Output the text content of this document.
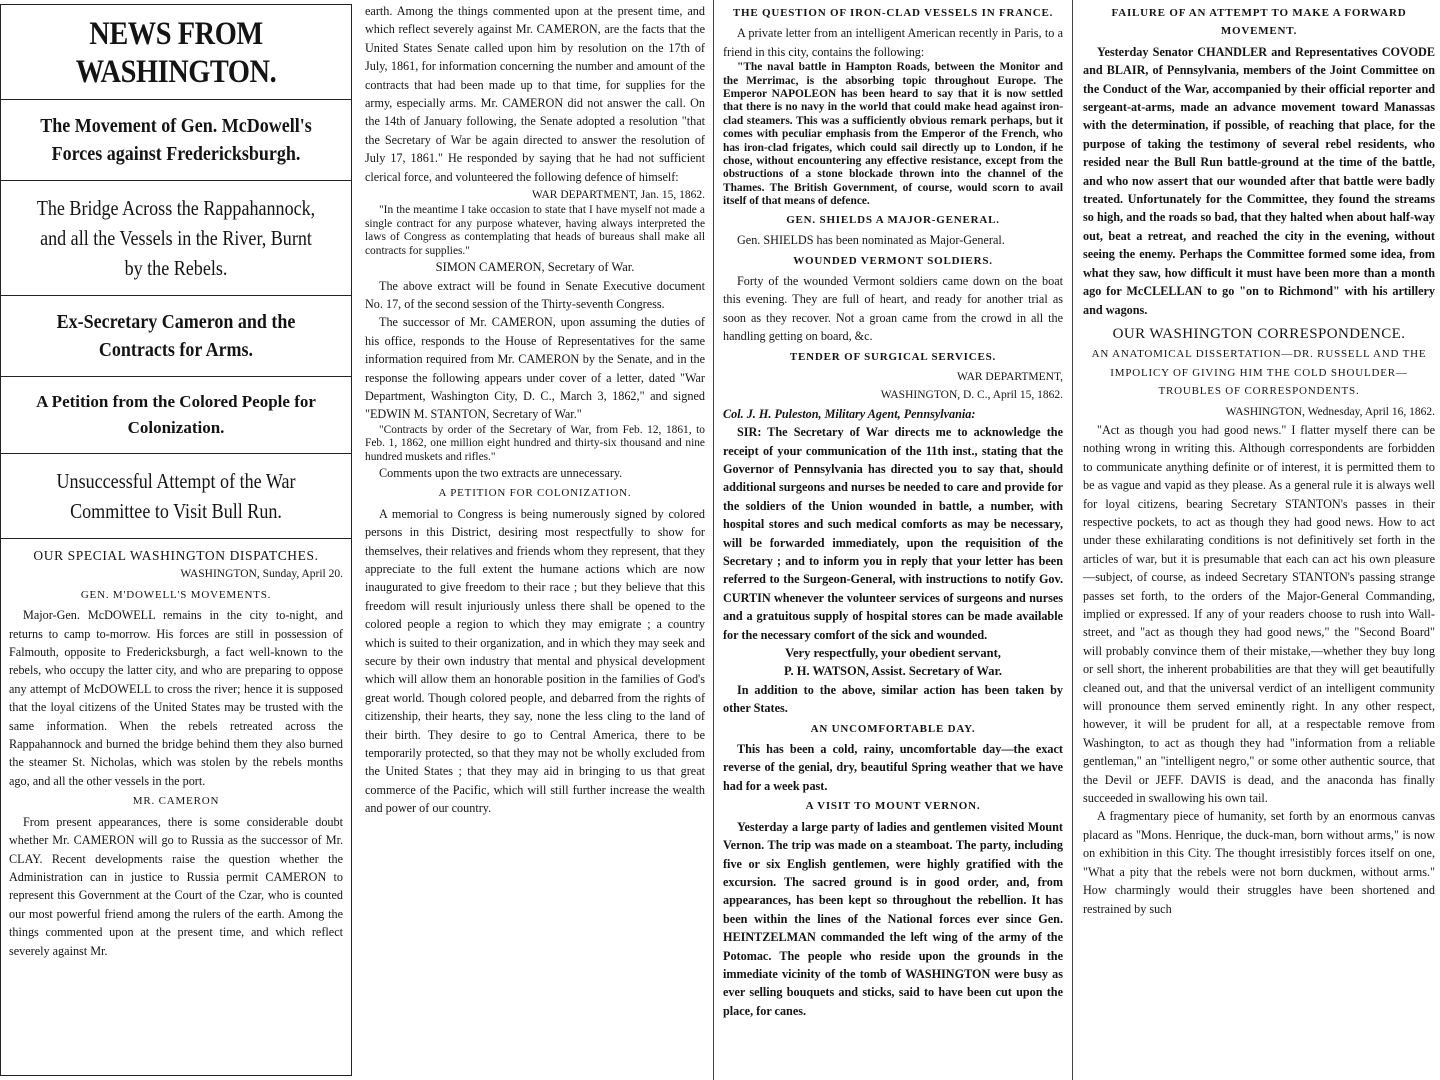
NEWS FROM WASHINGTON.
The Movement of Gen. McDowell's Forces against Fredericksburgh.
The Bridge Across the Rappahannock, and all the Vessels in the River, Burnt by the Rebels.
Ex-Secretary Cameron and the Contracts for Arms.
A Petition from the Colored People for Colonization.
Unsuccessful Attempt of the War Committee to Visit Bull Run.
OUR SPECIAL WASHINGTON DISPATCHES.
WASHINGTON, Sunday, April 20.
GEN. M'DOWELL'S MOVEMENTS.

Major-Gen. McDOWELL remains in the city to-night, and returns to camp to-morrow. His forces are still in possession of Falmouth, opposite to Fredericksburgh, a fact well-known to the rebels, who occupy the latter city, and who are preparing to oppose any attempt of McDOWELL to cross the river; hence it is supposed that the loyal citizens of the United States may be trusted with the same information. When the rebels retreated across the Rappahannock and burned the bridge behind them they also burned the steamer St. Nicholas, which was stolen by the rebels months ago, and all the other vessels in the port.

MR. CAMERON

From present appearances, there is some considerable doubt whether Mr. CAMERON will go to Russia as the successor of Mr. CLAY. Recent developments raise the question whether the Administration can in justice to Russia permit CAMERON to represent this Government at the Court of the Czar, who is counted our most powerful friend among the rulers of the earth. Among the things commented upon at the present time, and which reflect severely against Mr.

earth. Among the things commented upon at the present time, and which reflect severely against Mr. CAMERON, are the facts that the United States Senate called upon him by resolution on the 17th of July, 1861, for information concerning the number and amount of the contracts that had been made up to that time, for supplies for the army, especially arms. Mr. CAMERON did not answer the call. On the 14th of January following, the Senate adopted a resolution "that the Secretary of War be again directed to answer the resolution of July 17, 1861." He responded by saying that he had not sufficient clerical force, and volunteered the following defence of himself:

WAR DEPARTMENT, Jan. 15, 1862.

"In the meantime I take occasion to state that I have myself not made a single contract for any purpose whatever, having always interpreted the laws of Congress as contemplating that heads of bureaus shall make all contracts for supplies."

SIMON CAMERON, Secretary of War.

The above extract will be found in Senate Executive document No. 17, of the second session of the Thirty-seventh Congress.

The successor of Mr. CAMERON, upon assuming the duties of his office, responds to the House of Representatives for the same information required from Mr. CAMERON by the Senate, and in the response the following appears under cover of a letter, dated "War Department, Washington City, D. C., March 3, 1862," and signed "EDWIN M. STANTON, Secretary of War."

"Contracts by order of the Secretary of War, from Feb. 12, 1861, to Feb. 1, 1862, one million eight hundred and thirty-six thousand and nine hundred muskets and rifles."

Comments upon the two extracts are unnecessary.

A PETITION FOR COLONIZATION.

A memorial to Congress is being numerously signed by colored persons in this District, desiring most respectfully to show for themselves, their relatives and friends whom they represent, that they appreciate to the full extent the humane actions which are now inaugurated to give freedom to their race ; but they believe that this freedom will result injuriously unless there shall be opened to the colored people a region to which they may emigrate ; a country which is suited to their organization, and in which they may seek and secure by their own industry that mental and physical development which will allow them an honorable position in the families of God's great world. Though colored people, and debarred from the rights of citizenship, their hearts, they say, none the less cling to the land of their birth. They desire to go to Central America, there to be temporarily protected, so that they may not be wholly excluded from the United States ; that they may aid in bringing to us that great commerce of the Pacific, which will still further increase the wealth and power of our country.

THE QUESTION OF IRON-CLAD VESSELS IN FRANCE.

A private letter from an intelligent American recently in Paris, to a friend in this city, contains the following:

"The naval battle in Hampton Roads, between the Monitor and the Merrimac, is the absorbing topic throughout Europe. The Emperor NAPOLEON has been heard to say that it is now settled that there is no navy in the world that could make head against iron-clad steamers. This was a sufficiently obvious remark perhaps, but it comes with peculiar emphasis from the Emperor of the French, who has iron-clad frigates, which could sail directly up to London, if he chose, without encountering any effective resistance, except from the obstructions of a stone blockade thrown into the channel of the Thames. The British Government, of course, would scorn to avail itself of that means of defence.

GEN. SHIELDS A MAJOR-GENERAL.

Gen. SHIELDS has been nominated as Major-General.

WOUNDED VERMONT SOLDIERS.

Forty of the wounded Vermont soldiers came down on the boat this evening. They are full of heart, and ready for another trial as soon as they recover. Not a groan came from the crowd in all the handling getting on board, &c.

TENDER OF SURGICAL SERVICES.
WAR DEPARTMENT,
WASHINGTON, D. C., April 15, 1862.
Col. J. H. Puleston, Military Agent, Pennsylvania:

SIR: The Secretary of War directs me to acknowledge the receipt of your communication of the 11th inst., stating that the Governor of Pennsylvania has directed you to say that, should additional surgeons and nurses be needed to care and provide for the soldiers of the Union wounded in battle, a number, with hospital stores and such medical comforts as may be necessary, will be forwarded immediately, upon the requisition of the Secretary ; and to inform you in reply that your letter has been referred to the Surgeon-General, with instructions to notify Gov. CURTIN whenever the volunteer services of surgeons and nurses and a gratuitous supply of hospital stores can be made available for the necessary comfort of the sick and wounded.

Very respectfully, your obedient servant,
P. H. WATSON, Assist. Secretary of War.

In addition to the above, similar action has been taken by other States.

AN UNCOMFORTABLE DAY.

This has been a cold, rainy, uncomfortable day—the exact reverse of the genial, dry, beautiful Spring weather that we have had for a week past.

A VISIT TO MOUNT VERNON.

Yesterday a large party of ladies and gentlemen visited Mount Vernon. The trip was made on a steamboat. The party, including five or six English gentlemen, were highly gratified with the excursion. The sacred ground is in good order, and, from appearances, has been kept so throughout the rebellion. It has been within the lines of the National forces ever since Gen. HEINTZELMAN commanded the left wing of the army of the Potomac. The people who reside upon the grounds in the immediate vicinity of the tomb of WASHINGTON were busy as ever selling bouquets and sticks, said to have been cut upon the place, for canes.

FAILURE OF AN ATTEMPT TO MAKE A FORWARD MOVEMENT.

Yesterday Senator CHANDLER and Representatives COVODE and BLAIR, of Pennsylvania, members of the Joint Committee on the Conduct of the War, accompanied by their official reporter and sergeant-at-arms, made an advance movement toward Manassas with the determination, if possible, of reaching that place, for the purpose of taking the testimony of several rebel residents, who resided near the Bull Run battle-ground at the time of the battle, and who now assert that our wounded after that battle were badly treated. Unfortunately for the Committee, they found the streams so high, and the roads so bad, that they halted when about half-way out, beat a retreat, and reached the city in the evening, without seeing the enemy. Perhaps the Committee formed some idea, from what they saw, how difficult it must have been more than a month ago for McCLELLAN to go "on to Richmond" with his artillery and wagons.

OUR WASHINGTON CORRESPONDENCE.
AN ANATOMICAL DISSERTATION—DR. RUSSELL AND THE IMPOLICY OF GIVING HIM THE COLD SHOULDER—TROUBLES OF CORRESPONDENTS.
WASHINGTON, Wednesday, April 16, 1862.

"Act as though you had good news." I flatter myself there can be nothing wrong in writing this. Although correspondents are forbidden to communicate anything definite or of interest, it is permitted them to be as vague and vapid as they please. As a general rule it is always well for loyal citizens, bearing Secretary STANTON's passes in their respective pockets, to act as though they had good news. How to act under these exhilarating conditions is not definitively set forth in the articles of war, but it is presumable that each can act his own pleasure—subject, of course, as indeed Secretary STANTON's passing strange passes set forth, to the orders of the Major-General Commanding, implied or expressed. If any of your readers choose to rush into Wall-street, and "act as though they had good news," the "Second Board" will probably convince them of their mistake,—whether they buy long or sell short, the inherent probabilities are that they will get beautifully cleaned out, and that the universal verdict of an intelligent community will pronounce them served eminently right. In any other respect, however, it will be prudent for all, at a respectable remove from Washington, to act as though they had "information from a reliable gentleman," an "intelligent negro," or some other authentic source, that the Devil or JEFF. DAVIS is dead, and the anaconda has finally succeeded in swallowing his own tail.

A fragmentary piece of humanity, set forth by an enormous canvas placard as "Mons. Henrique, the duck-man, born without arms," is now on exhibition in this City. The thought irresistibly forces itself on one, "What a pity that the rebels were not born duckmen, without arms." How charmingly would their struggles have been shortened and restrained by such
